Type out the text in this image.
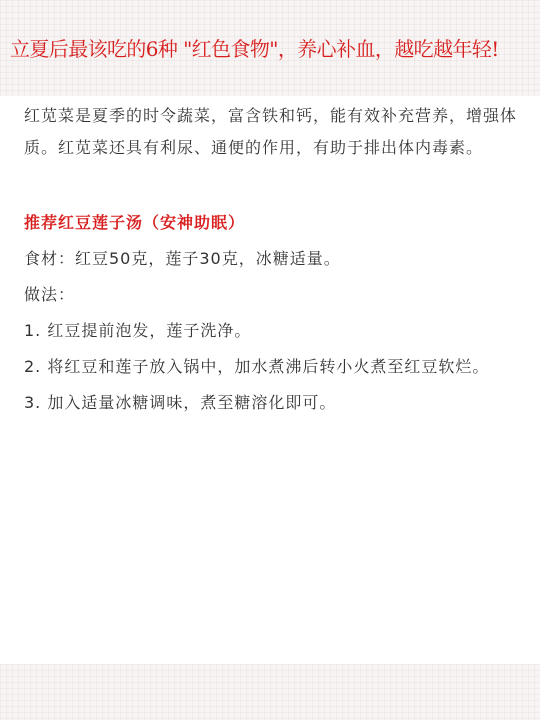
立夏后最该吃的6种 "红色食物"，养心补血，越吃越年轻!

红苋菜是夏季的时令蔬菜，富含铁和钙，能有效补充营养，增强体质。红苋菜还具有利尿、通便的作用，有助于排出体内毒素。

推荐红豆莲子汤（安神助眠）

食材：红豆50克，莲子30克，冰糖适量。

做法：

1. 红豆提前泡发，莲子洗净。

2. 将红豆和莲子放入锅中，加水煮沸后转小火煮至红豆软烂。

3. 加入适量冰糖调味，煮至糖溶化即可。
